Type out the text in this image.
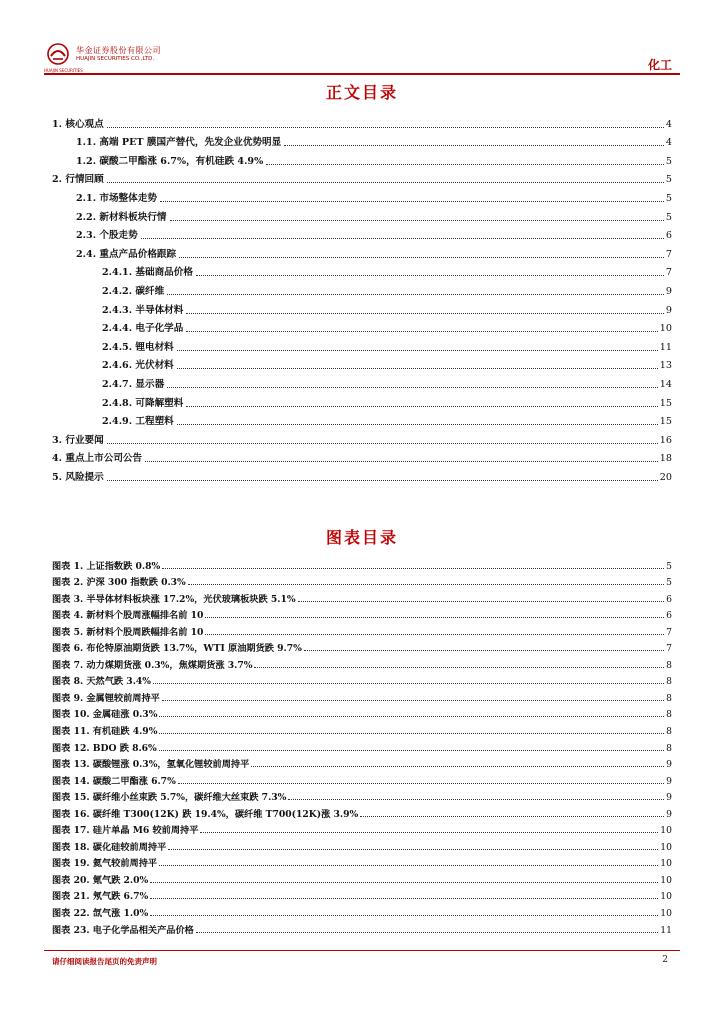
华金证券股份有限公司
HUAJIN SECURITIES CO.,LTD.
HUAJIN SECURITIES	化工
正文目录
1. 核心观点	4
1.1. 高端 PET 膜国产替代，先发企业优势明显	4
1.2. 碳酸二甲酯涨 6.7%，有机硅跌 4.9%	5
2. 行情回顾	5
2.1. 市场整体走势	5
2.2. 新材料板块行情	5
2.3. 个股走势	6
2.4. 重点产品价格跟踪	7
2.4.1. 基础商品价格	7
2.4.2. 碳纤维	9
2.4.3. 半导体材料	9
2.4.4. 电子化学品	10
2.4.5. 锂电材料	11
2.4.6. 光伏材料	13
2.4.7. 显示器	14
2.4.8. 可降解塑料	15
2.4.9. 工程塑料	15
3. 行业要闻	16
4. 重点上市公司公告	18
5. 风险提示	20
图表目录
图表 1. 上证指数跌 0.8%	5
图表 2. 沪深 300 指数跌 0.3%	5
图表 3. 半导体材料板块涨 17.2%，光伏玻璃板块跌 5.1%	6
图表 4. 新材料个股周涨幅排名前 10	6
图表 5. 新材料个股周跌幅排名前 10	7
图表 6. 布伦特原油期货跌 13.7%，WTI 原油期货跌 9.7%	7
图表 7. 动力煤期货涨 0.3%，焦煤期货涨 3.7%	8
图表 8. 天然气跌 3.4%	8
图表 9. 金属锂较前周持平	8
图表 10. 金属硅涨 0.3%	8
图表 11. 有机硅跌 4.9%	8
图表 12. BDO 跌 8.6%	8
图表 13. 碳酸锂涨 0.3%，氢氧化锂较前周持平	9
图表 14. 碳酸二甲酯涨 6.7%	9
图表 15. 碳纤维小丝束跌 5.7%，碳纤维大丝束跌 7.3%	9
图表 16. 碳纤维 T300(12K) 跌 19.4%，碳纤维 T700(12K)涨 3.9%	9
图表 17. 硅片单晶 M6 较前周持平	10
图表 18. 碳化硅较前周持平	10
图表 19. 氦气较前周持平	10
图表 20. 氪气跌 2.0%	10
图表 21. 氖气跌 6.7%	10
图表 22. 氙气涨 1.0%	10
图表 23. 电子化学品相关产品价格	11
请仔细阅读报告尾页的免责声明	2
